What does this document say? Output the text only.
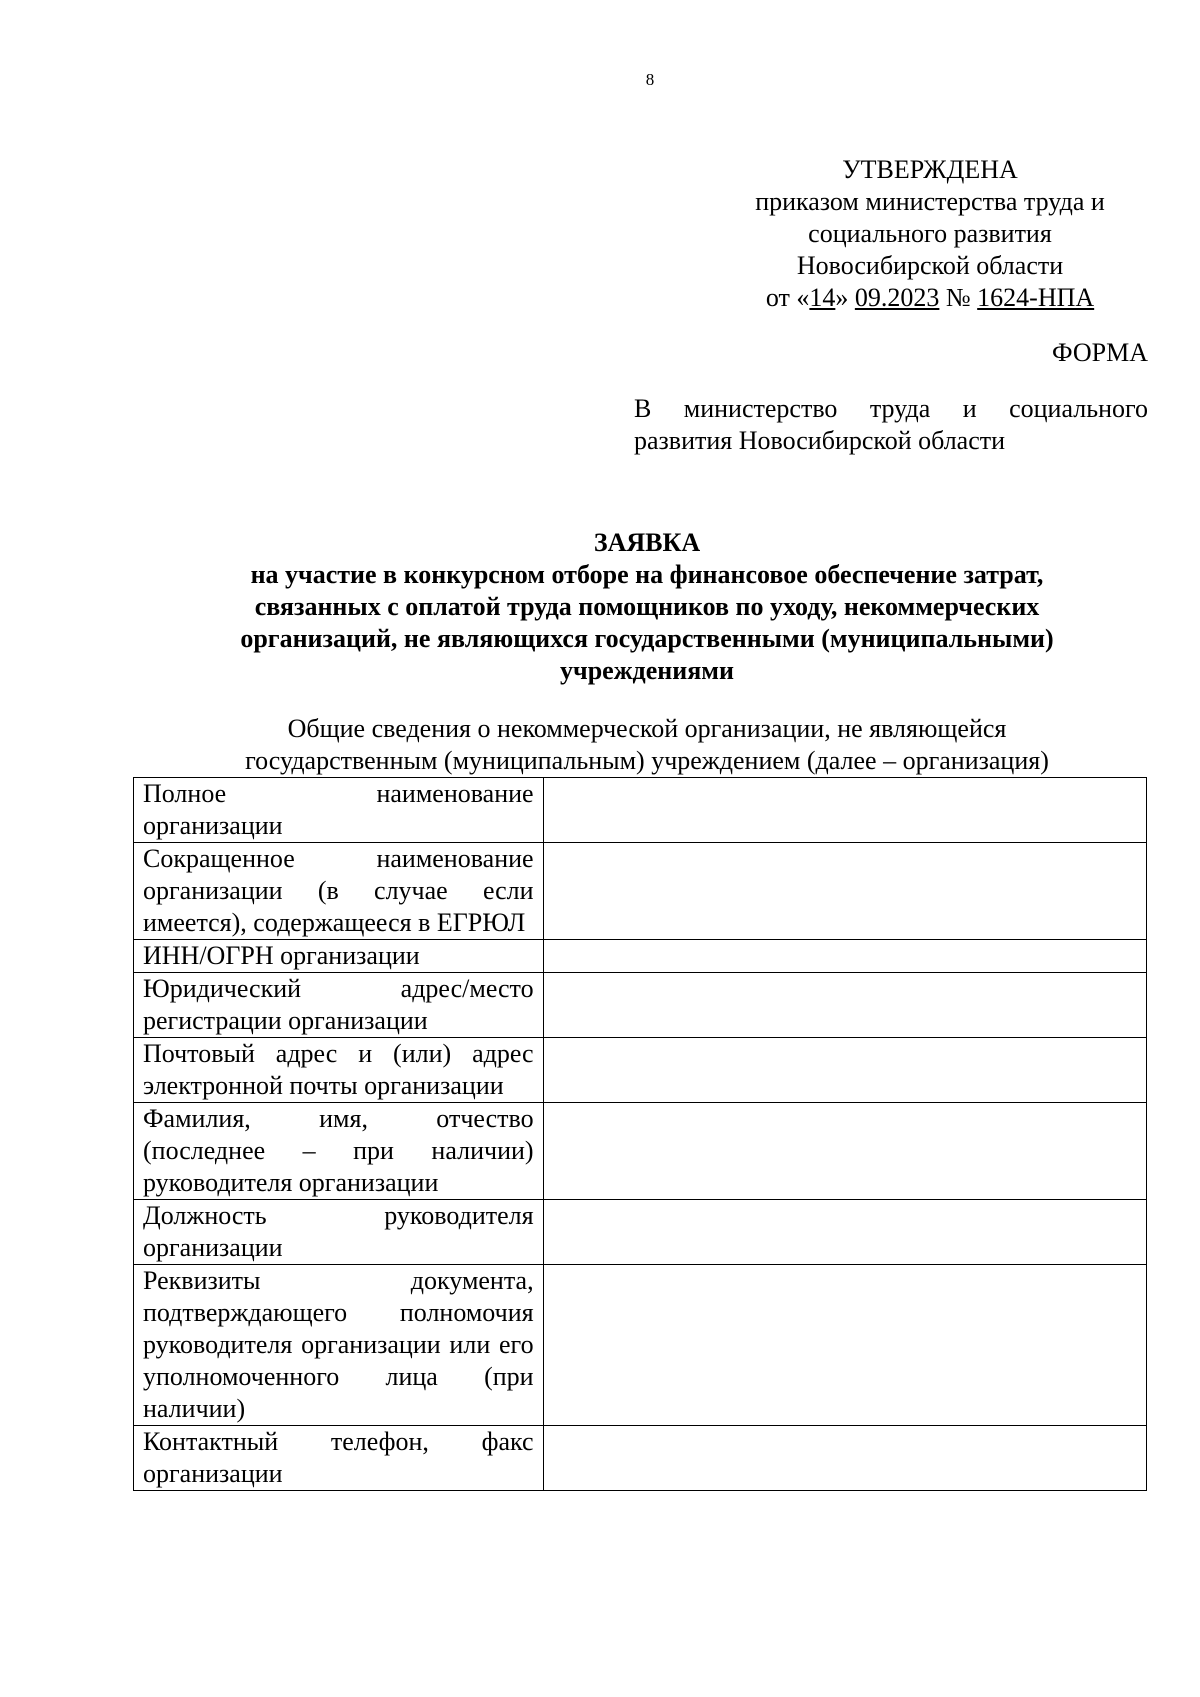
8
УТВЕРЖДЕНА
приказом министерства труда и
социального развития
Новосибирской области
от «14» 09.2023 № 1624-НПА
ФОРМА
В министерство труда и социального развития Новосибирской области
ЗАЯВКА
на участие в конкурсном отборе на финансовое обеспечение затрат,
связанных с оплатой труда помощников по уходу, некоммерческих
организаций, не являющихся государственными (муниципальными)
учреждениями
Общие сведения о некоммерческой организации, не являющейся
государственным (муниципальным) учреждением (далее – организация)
Полное наименование организации	
Сокращенное наименование организации (в случае если имеется), содержащееся в ЕГРЮЛ	
ИНН/ОГРН организации	
Юридический адрес/место регистрации организации	
Почтовый адрес и (или) адрес электронной почты организации	
Фамилия, имя, отчество (последнее – при наличии) руководителя организации	
Должность руководителя организации	
Реквизиты документа, подтверждающего полномочия руководителя организации или его уполномоченного лица (при наличии)	
Контактный телефон, факс организации	
